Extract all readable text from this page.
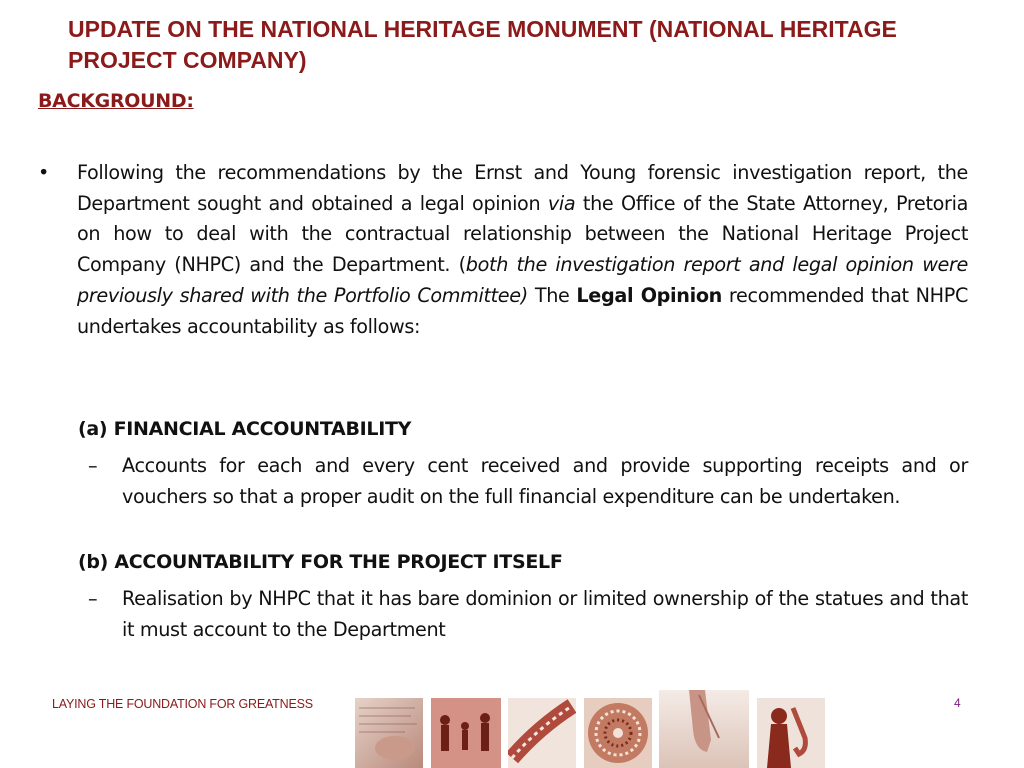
UPDATE ON THE NATIONAL HERITAGE MONUMENT (NATIONAL HERITAGE PROJECT COMPANY)
BACKGROUND:
• Following the recommendations by the Ernst and Young forensic investigation report, the Department sought and obtained a legal opinion via the Office of the State Attorney, Pretoria on how to deal with the contractual relationship between the National Heritage Project Company (NHPC) and the Department. (both the investigation report and legal opinion were previously shared with the Portfolio Committee) The Legal Opinion recommended that NHPC undertakes accountability as follows:
(a) FINANCIAL ACCOUNTABILITY
– Accounts for each and every cent received and provide supporting receipts and or vouchers so that a proper audit on the full financial expenditure can be undertaken.
(b) ACCOUNTABILITY FOR THE PROJECT ITSELF
– Realisation by NHPC that it has bare dominion or limited ownership of the statues and that it must account to the Department
LAYING THE FOUNDATION FOR GREATNESS	4
